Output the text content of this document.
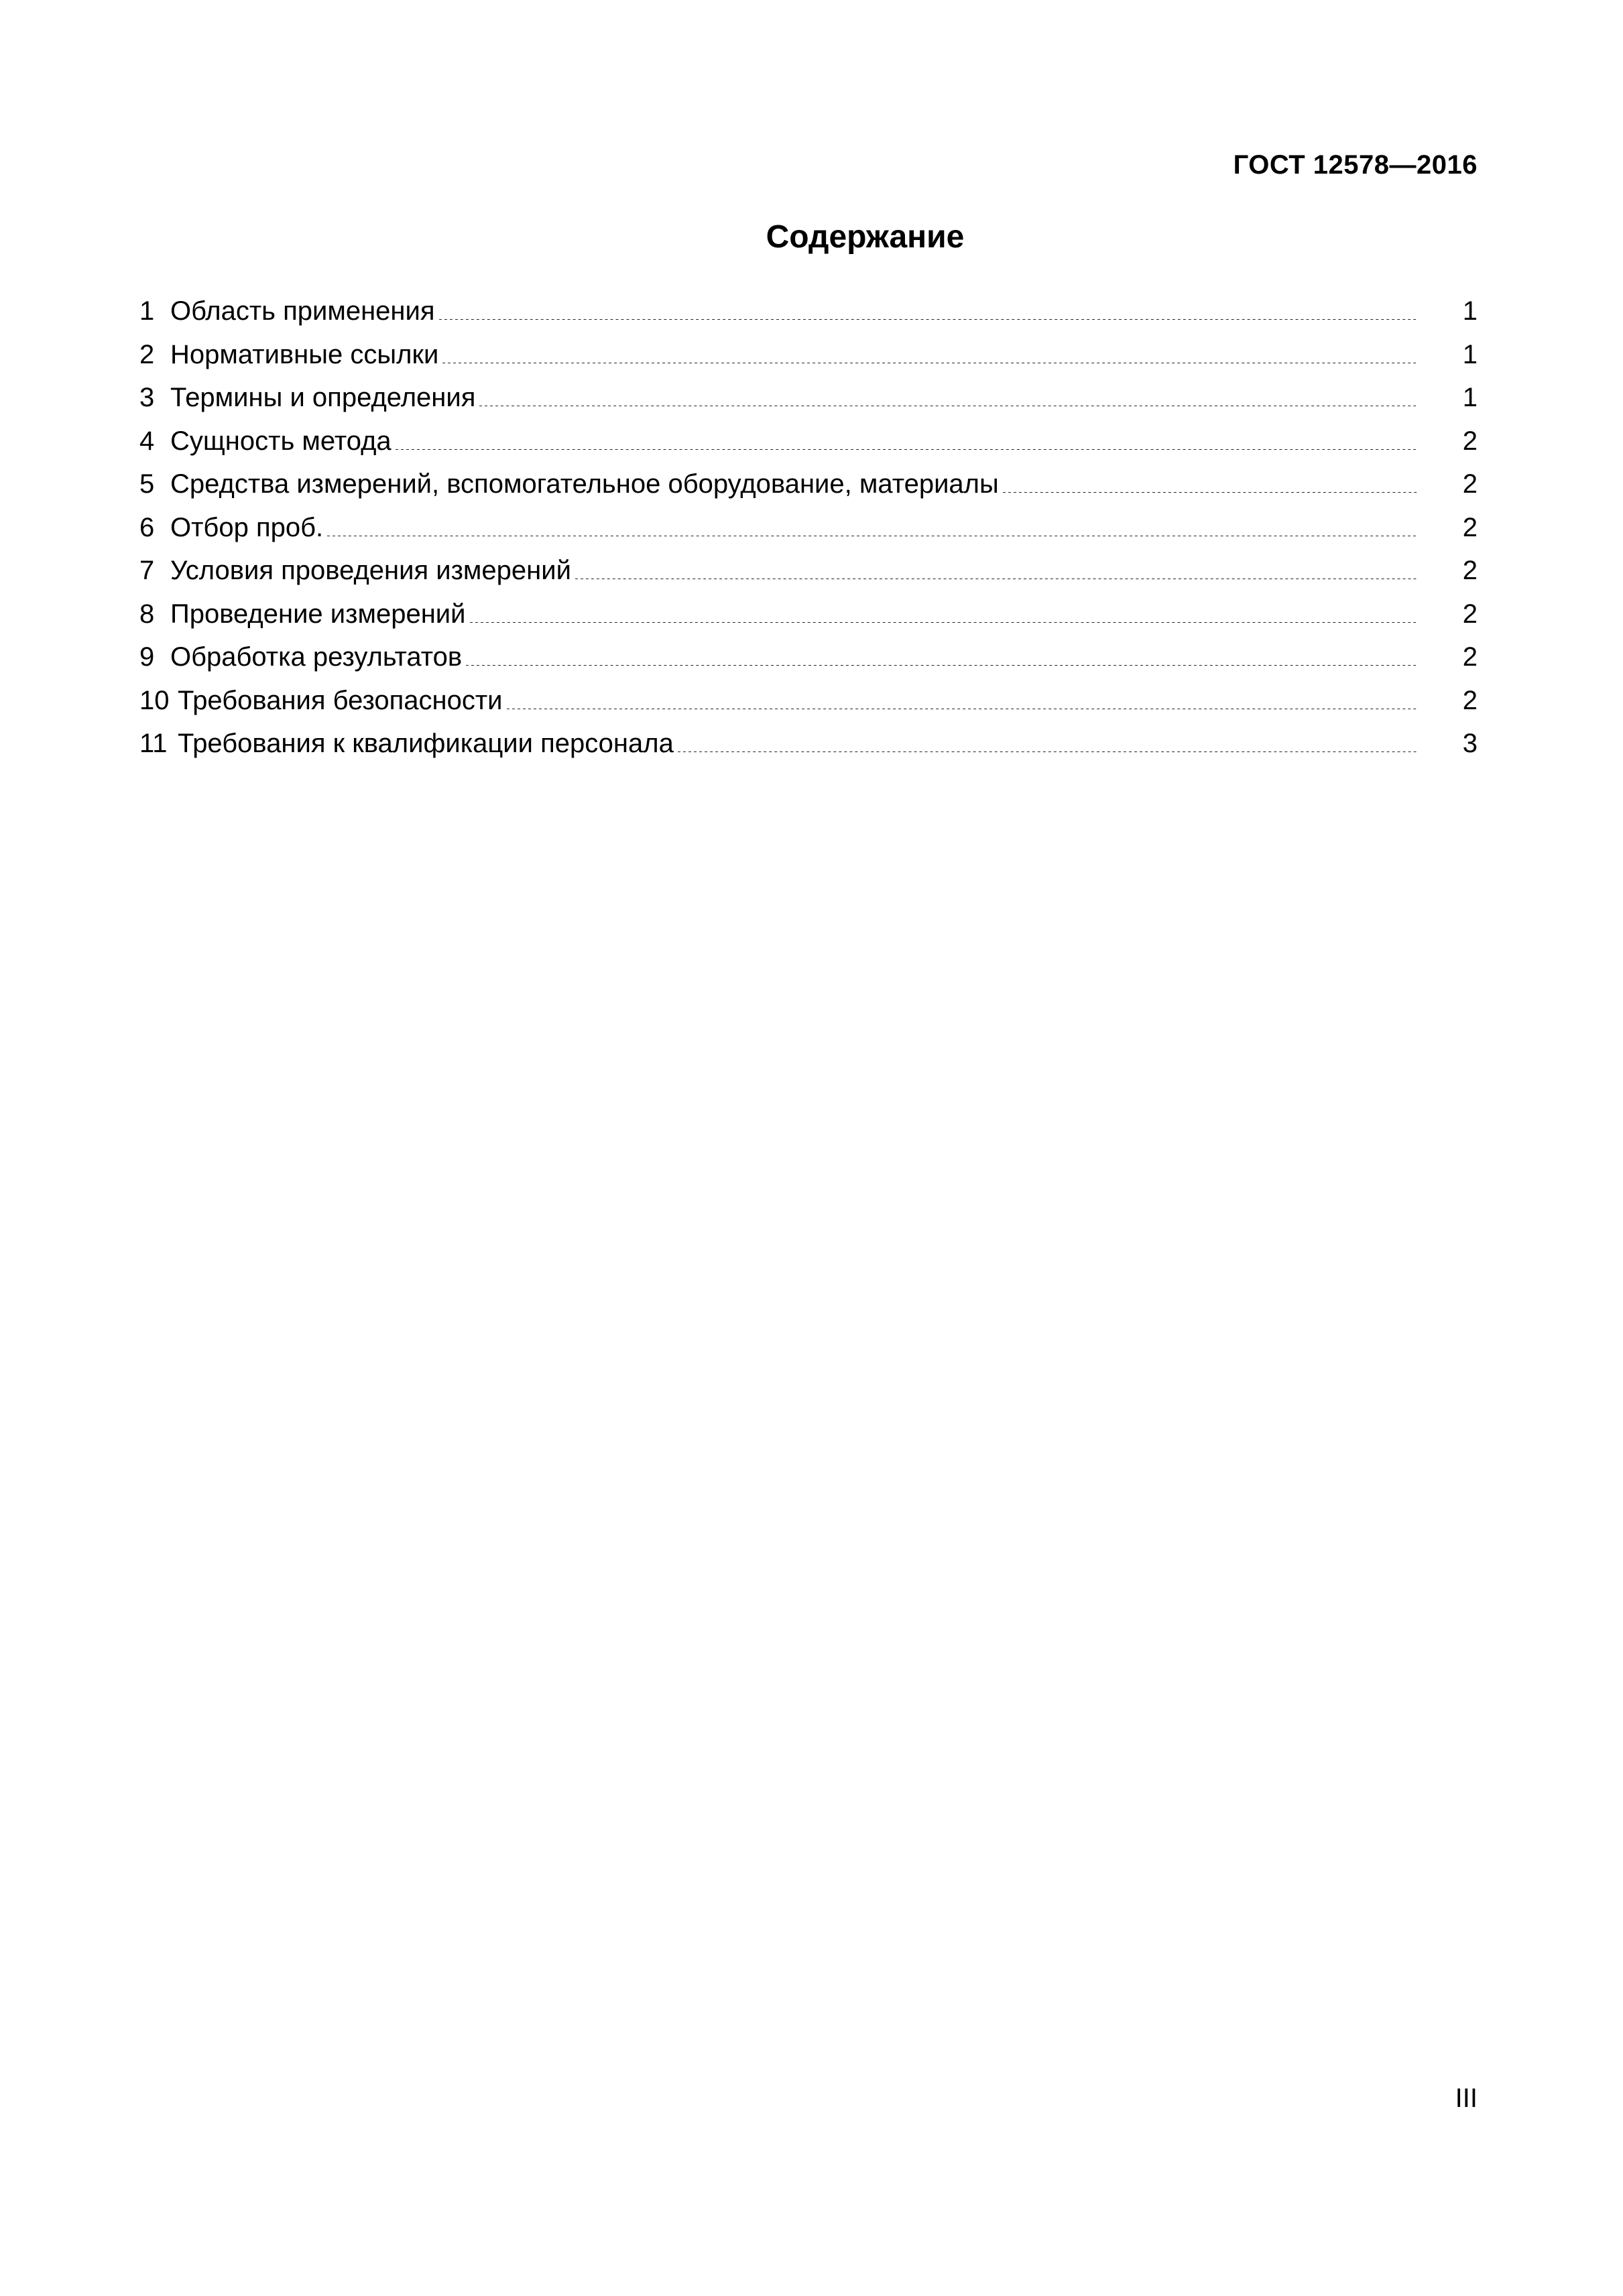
ГОСТ 12578—2016
Содержание
1 Область применения	1
2 Нормативные ссылки	1
3 Термины и определения	1
4 Сущность метода	2
5 Средства измерений, вспомогательное оборудование, материалы	2
6 Отбор проб.	2
7 Условия проведения измерений	2
8 Проведение измерений	2
9 Обработка результатов	2
10 Требования безопасности	2
11 Требования к квалификации персонала	3
III
